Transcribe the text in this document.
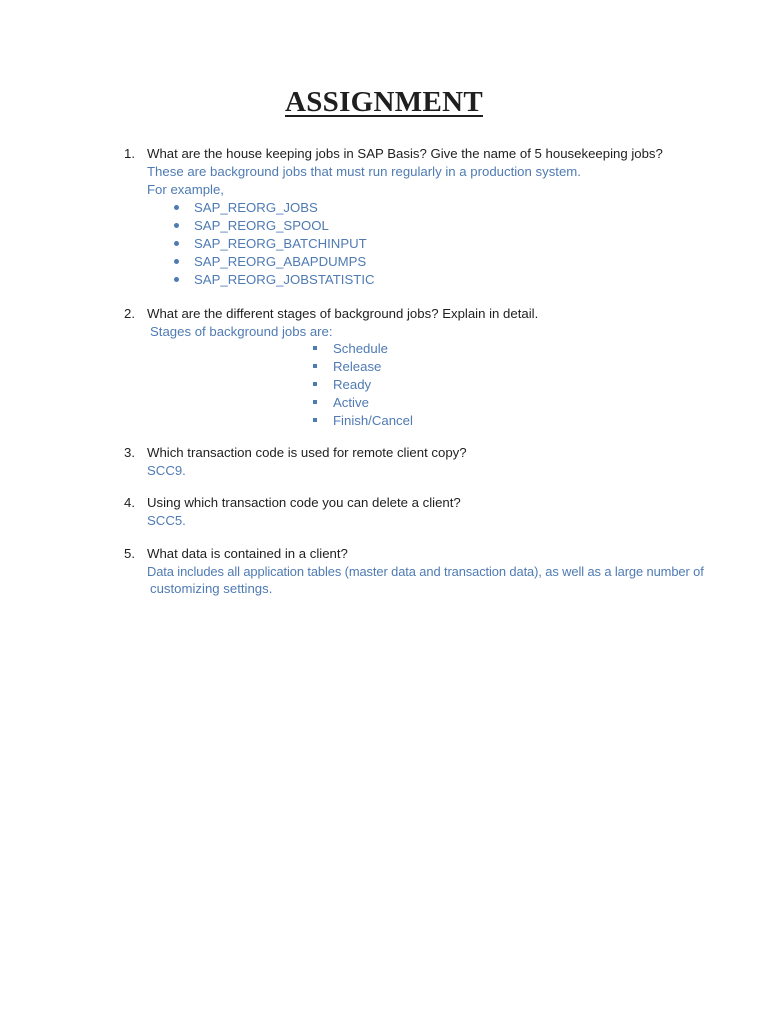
ASSIGNMENT
1. What are the house keeping jobs in SAP Basis? Give the name of 5 housekeeping jobs?
These are background jobs that must run regularly in a production system.
For example,
SAP_REORG_JOBS
SAP_REORG_SPOOL
SAP_REORG_BATCHINPUT
SAP_REORG_ABAPDUMPS
SAP_REORG_JOBSTATISTIC
2. What are the different stages of background jobs? Explain in detail.
Stages of background jobs are:
Schedule
Release
Ready
Active
Finish/Cancel
3. Which transaction code is used for remote client copy?
SCC9.
4. Using which transaction code you can delete a client?
SCC5.
5. What data is contained in a client?
Data includes all application tables (master data and transaction data), as well as a large number of
customizing settings.
